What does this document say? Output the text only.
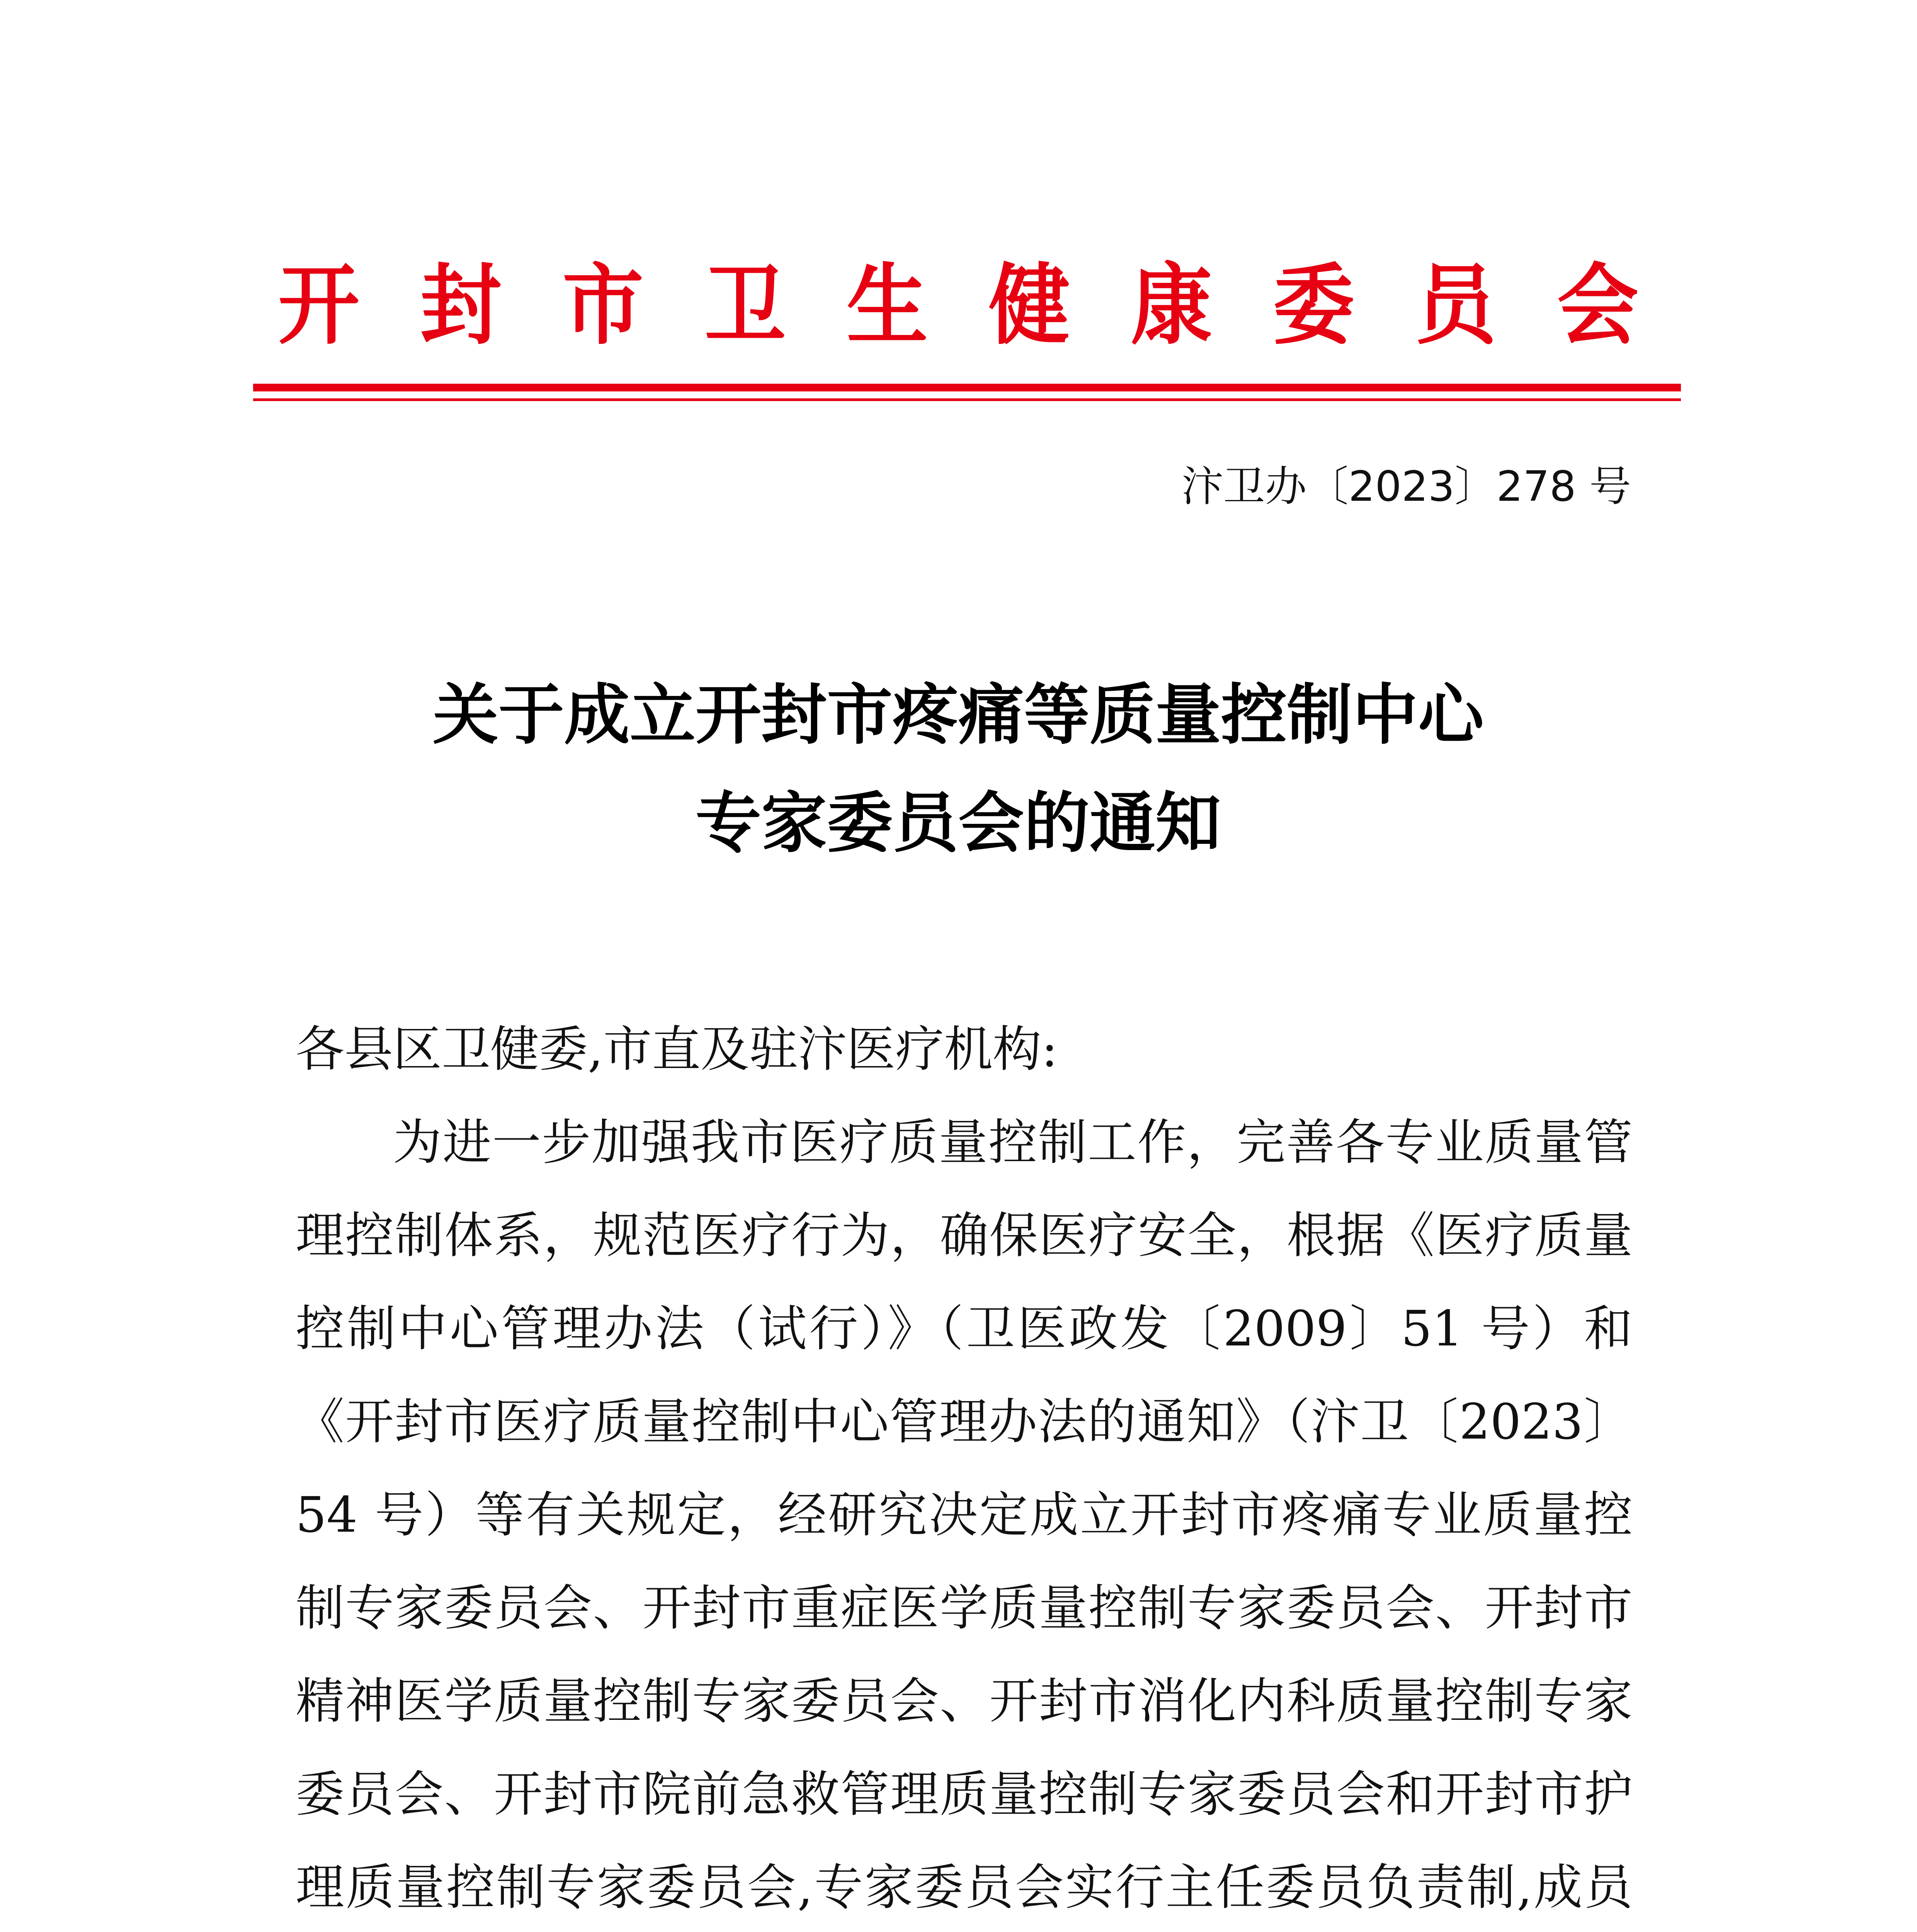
开 封 市 卫 生 健 康 委 员 会
汴卫办〔2023〕278 号
关于成立开封市疼痛等质量控制中心
专家委员会的通知

各县区卫健委,市直及驻汴医疗机构:

为进一步加强我市医疗质量控制工作，完善各专业质量管理控制体系，规范医疗行为，确保医疗安全，根据《医疗质量控制中心管理办法（试行）》（卫医政发〔2009〕51 号）和《开封市医疗质量控制中心管理办法的通知》（汴卫〔2023〕54 号）等有关规定，经研究决定成立开封市疼痛专业质量控制专家委员会、开封市重症医学质量控制专家委员会、开封市精神医学质量控制专家委员会、开封市消化内科质量控制专家委员会、开封市院前急救管理质量控制专家委员会和开封市护理质量控制专家委员会,专家委员会实行主任委员负责制,成员
